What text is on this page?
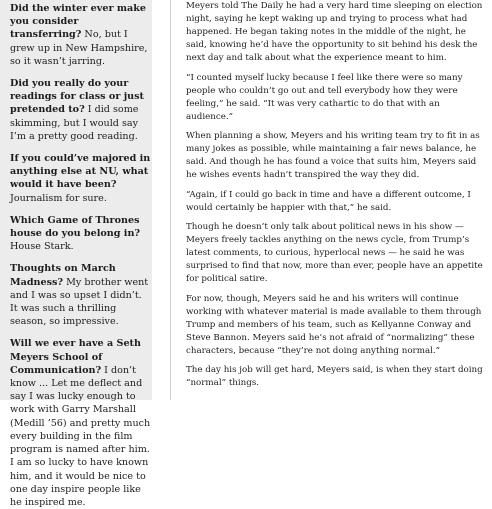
Did the winter ever make you consider transferring? No, but I grew up in New Hampshire, so it wasn’t jarring.
Did you really do your readings for class or just pretended to? I did some skimming, but I would say I’m a pretty good reading.
If you could’ve majored in anything else at NU, what would it have been? Journalism for sure.
Which Game of Thrones house do you belong in? House Stark.
Thoughts on March Madness? My brother went and I was so upset I didn’t. It was such a thrilling season, so impressive.
Will we ever have a Seth Meyers School of Communication? I don’t know ... Let me deflect and say I was lucky enough to work with Garry Marshall (Medill ’56) and pretty much every building in the film program is named after him. I am so lucky to have known him, and it would be nice to one day inspire people like he inspired me.

Meyers told The Daily he had a very hard time sleeping on election night, saying he kept waking up and trying to process what had happened. He began taking notes in the middle of the night, he said, knowing he’d have the opportunity to sit behind his desk the next day and talk about what the experience meant to him.

“I counted myself lucky because I feel like there were so many people who couldn’t go out and tell everybody how they were feeling,” he said. “It was very cathartic to do that with an audience.”

When planning a show, Meyers and his writing team try to fit in as many jokes as possible, while maintaining a fair news balance, he said. And though he has found a voice that suits him, Meyers said he wishes events hadn’t transpired the way they did.

“Again, if I could go back in time and have a different outcome, I would certainly be happier with that,” he said.

Though he doesn’t only talk about political news in his show — Meyers freely tackles anything on the news cycle, from Trump’s latest comments, to curious, hyperlocal news — he said he was surprised to find that now, more than ever, people have an appetite for political satire.

For now, though, Meyers said he and his writers will continue working with whatever material is made available to them through Trump and members of his team, such as Kellyanne Conway and Steve Bannon. Meyers said he’s not afraid of “normalizing” these characters, because “they’re not doing anything normal.”

The day his job will get hard, Meyers said, is when they start doing “normal” things.
